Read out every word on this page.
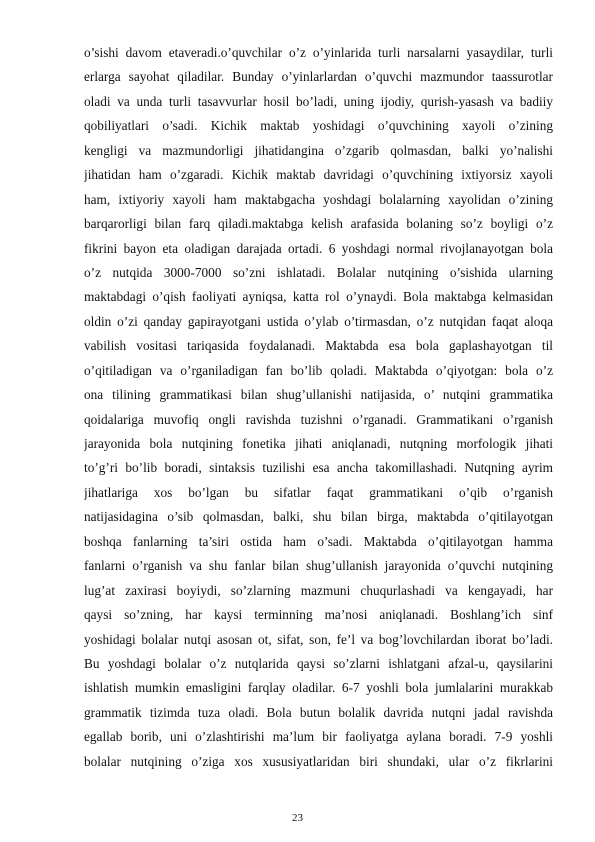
o’sishi davom etaveradi.o’quvchilar o’z o’yinlarida turli narsalarni yasaydilar, turli
erlarga sayohat qiladilar. Bunday o’yinlarlardan o’quvchi mazmundor taassurotlar
oladi va unda turli tasavvurlar hosil bo’ladi, uning ijodiy, qurish-yasash va badiiy
qobiliyatlari o’sadi. Kichik maktab yoshidagi o’quvchining xayoli o’zining
kengligi va mazmundorligi jihatidangina o’zgarib qolmasdan, balki yo’nalishi
jihatidan ham o’zgaradi. Kichik maktab davridagi o’quvchining ixtiyorsiz xayoli
ham, ixtiyoriy xayoli ham maktabgacha yoshdagi bolalarning xayolidan o’zining
barqarorligi bilan farq qiladi.maktabga kelish arafasida bolaning so’z boyligi o’z
fikrini bayon eta oladigan darajada ortadi. 6 yoshdagi normal rivojlanayotgan bola
o’z nutqida 3000-7000 so’zni ishlatadi. Bolalar nutqining o’sishida ularning
maktabdagi o’qish faoliyati ayniqsa, katta rol o’ynaydi. Bola maktabga kelmasidan
oldin o’zi qanday gapirayotgani ustida o’ylab o’tirmasdan, o’z nutqidan faqat aloqa
vabilish vositasi tariqasida foydalanadi. Maktabda esa bola gaplashayotgan til
o’qitiladigan va o’rganiladigan fan bo’lib qoladi. Maktabda o’qiyotgan: bola o’z
ona tilining grammatikasi bilan shug’ullanishi natijasida, o’ nutqini grammatika
qoidalariga muvofiq ongli ravishda tuzishni o’rganadi. Grammatikani o’rganish
jarayonida bola nutqining fonetika jihati aniqlanadi, nutqning morfologik jihati
to’g’ri bo’lib boradi, sintaksis tuzilishi esa ancha takomillashadi. Nutqning ayrim
jihatlariga xos bo’lgan bu sifatlar faqat grammatikani o’qib o’rganish
natijasidagina o’sib qolmasdan, balki, shu bilan birga, maktabda o’qitilayotgan
boshqa fanlarning ta’siri ostida ham o’sadi. Maktabda o’qitilayotgan hamma
fanlarni o’rganish va shu fanlar bilan shug’ullanish jarayonida o’quvchi nutqining
lug’at zaxirasi boyiydi, so’zlarning mazmuni chuqurlashadi va kengayadi, har
qaysi so’zning, har kaysi terminning ma’nosi aniqlanadi. Boshlang’ich sinf
yoshidagi bolalar nutqi asosan ot, sifat, son, fe’l va bog’lovchilardan iborat bo’ladi.
Bu yoshdagi bolalar o’z nutqlarida qaysi so’zlarni ishlatgani afzal-u, qaysilarini
ishlatish mumkin emasligini farqlay oladilar. 6-7 yoshli bola jumlalarini murakkab
grammatik tizimda tuza oladi. Bola butun bolalik davrida nutqni jadal ravishda
egallab borib, uni o’zlashtirishi ma’lum bir faoliyatga aylana boradi. 7-9 yoshli
bolalar nutqining o’ziga xos xususiyatlaridan biri shundaki, ular o’z fikrlarini
23
